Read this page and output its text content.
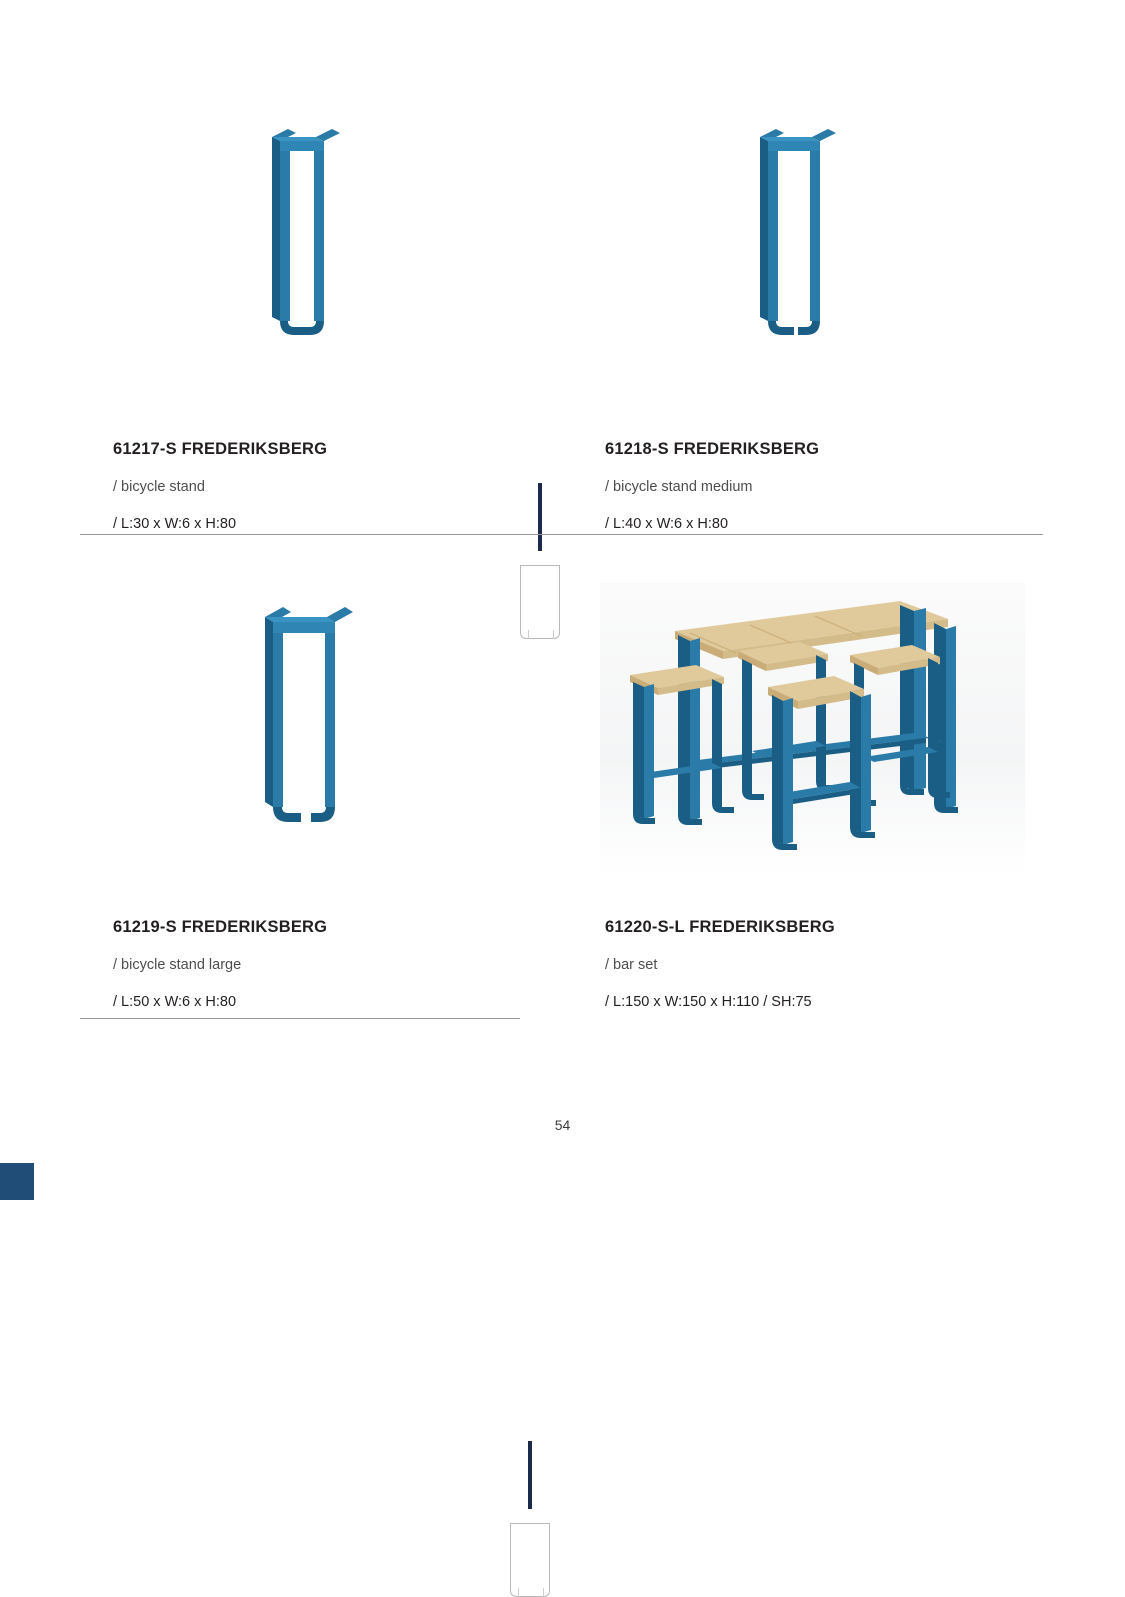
61217-S FREDERIKSBERG
/ bicycle stand
/ L:30 x W:6 x H:80
61218-S FREDERIKSBERG
/ bicycle stand medium
/ L:40 x W:6 x H:80
61219-S FREDERIKSBERG
/ bicycle stand large
/ L:50 x W:6 x H:80
61220-S-L FREDERIKSBERG
/ bar set
/ L:150 x W:150 x H:110 / SH:75
54
